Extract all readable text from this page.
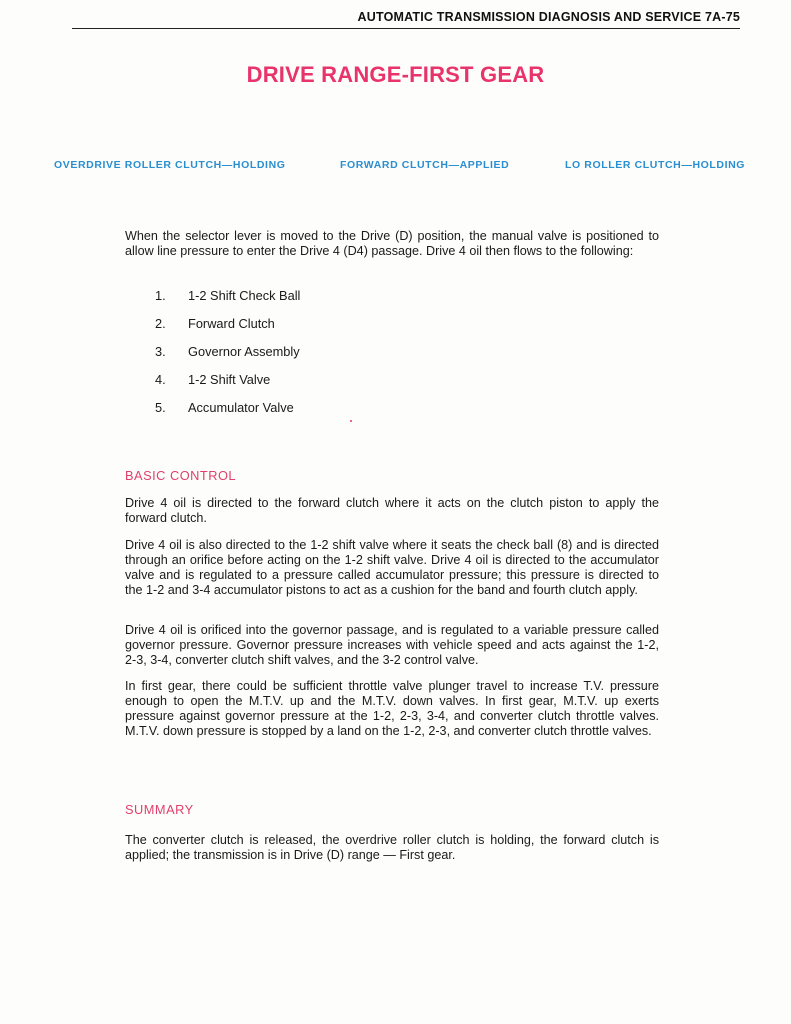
AUTOMATIC TRANSMISSION DIAGNOSIS AND SERVICE 7A-75
DRIVE RANGE-FIRST GEAR
OVERDRIVE ROLLER CLUTCH—HOLDING	FORWARD CLUTCH—APPLIED	LO ROLLER CLUTCH—HOLDING

When the selector lever is moved to the Drive (D) position, the manual valve is positioned to allow line pressure to enter the Drive 4 (D4) passage. Drive 4 oil then flows to the following:

1. 1-2 Shift Check Ball
2. Forward Clutch
3. Governor Assembly
4. 1-2 Shift Valve
5. Accumulator Valve
BASIC CONTROL

Drive 4 oil is directed to the forward clutch where it acts on the clutch piston to apply the forward clutch.

Drive 4 oil is also directed to the 1-2 shift valve where it seats the check ball (8) and is directed through an orifice before acting on the 1-2 shift valve. Drive 4 oil is directed to the accumulator valve and is regulated to a pressure called accumulator pressure; this pressure is directed to the 1-2 and 3-4 accumulator pistons to act as a cushion for the band and fourth clutch apply.

Drive 4 oil is orificed into the governor passage, and is regulated to a variable pressure called governor pressure. Governor pressure increases with vehicle speed and acts against the 1-2, 2-3, 3-4, converter clutch shift valves, and the 3-2 control valve.

In first gear, there could be sufficient throttle valve plunger travel to increase T.V. pressure enough to open the M.T.V. up and the M.T.V. down valves. In first gear, M.T.V. up exerts pressure against governor pressure at the 1-2, 2-3, 3-4, and converter clutch throttle valves. M.T.V. down pressure is stopped by a land on the 1-2, 2-3, and converter clutch throttle valves.

SUMMARY

The converter clutch is released, the overdrive roller clutch is holding, the forward clutch is applied; the transmission is in Drive (D) range — First gear.
